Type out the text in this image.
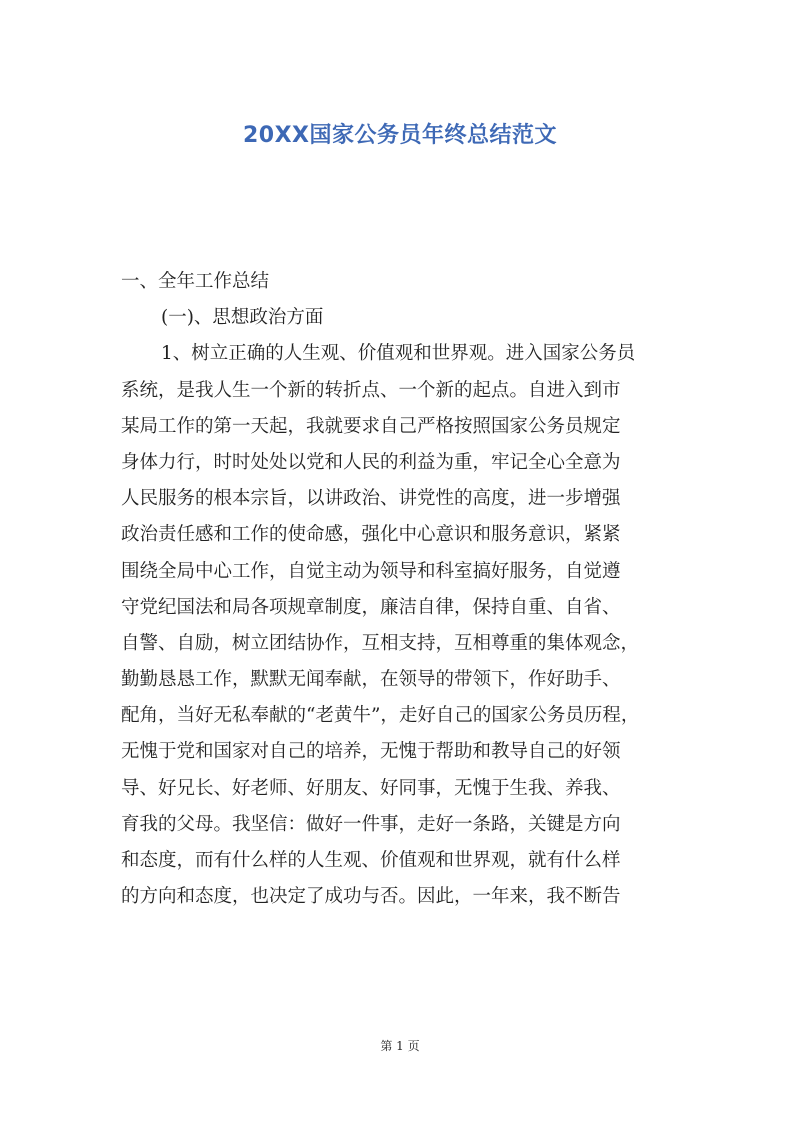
20XX国家公务员年终总结范文
一、全年工作总结
(一)、思想政治方面
1、树立正确的人生观、价值观和世界观。进入国家公务员
系统，是我人生一个新的转折点、一个新的起点。自进入到市
某局工作的第一天起，我就要求自己严格按照国家公务员规定
身体力行，时时处处以党和人民的利益为重，牢记全心全意为
人民服务的根本宗旨，以讲政治、讲党性的高度，进一步增强
政治责任感和工作的使命感，强化中心意识和服务意识，紧紧
围绕全局中心工作，自觉主动为领导和科室搞好服务，自觉遵
守党纪国法和局各项规章制度，廉洁自律，保持自重、自省、
自警、自励，树立团结协作，互相支持，互相尊重的集体观念，
勤勤恳恳工作，默默无闻奉献，在领导的带领下，作好助手、
配角，当好无私奉献的“老黄牛”，走好自己的国家公务员历程，
无愧于党和国家对自己的培养，无愧于帮助和教导自己的好领
导、好兄长、好老师、好朋友、好同事，无愧于生我、养我、
育我的父母。我坚信：做好一件事，走好一条路，关键是方向
和态度，而有什么样的人生观、价值观和世界观，就有什么样
的方向和态度，也决定了成功与否。因此，一年来，我不断告
第 1 页
